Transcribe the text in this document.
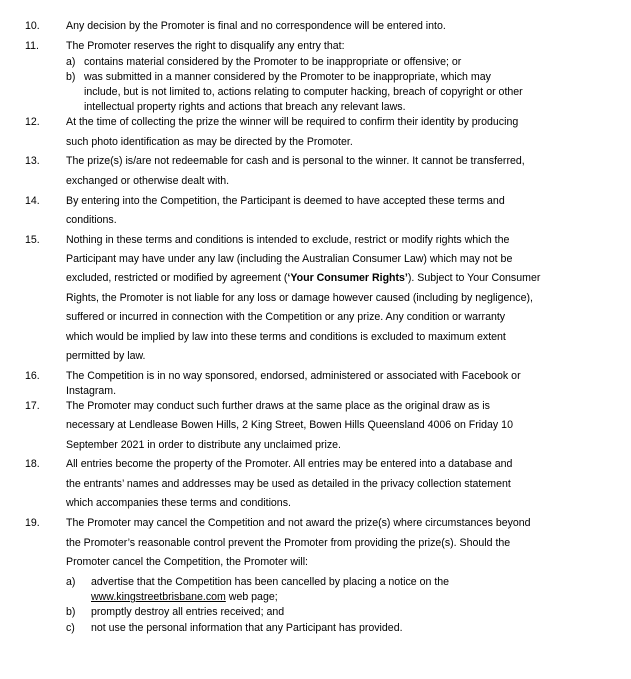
10.	Any decision by the Promoter is final and no correspondence will be entered into.
11.	The Promoter reserves the right to disqualify any entry that:
a) contains material considered by the Promoter to be inappropriate or offensive; or
b) was submitted in a manner considered by the Promoter to be inappropriate, which may
include, but is not limited to, actions relating to computer hacking, breach of copyright or other
intellectual property rights and actions that breach any relevant laws.
12.	At the time of collecting the prize the winner will be required to confirm their identity by producing
such photo identification as may be directed by the Promoter.
13.	The prize(s) is/are not redeemable for cash and is personal to the winner. It cannot be transferred,
exchanged or otherwise dealt with.
14.	By entering into the Competition, the Participant is deemed to have accepted these terms and
conditions.
15.	Nothing in these terms and conditions is intended to exclude, restrict or modify rights which the
Participant may have under any law (including the Australian Consumer Law) which may not be
excluded, restricted or modified by agreement (‘Your Consumer Rights’). Subject to Your Consumer
Rights, the Promoter is not liable for any loss or damage however caused (including by negligence),
suffered or incurred in connection with the Competition or any prize. Any condition or warranty
which would be implied by law into these terms and conditions is excluded to maximum extent
permitted by law.
16.	The Competition is in no way sponsored, endorsed, administered or associated with Facebook or
Instagram.
17.	The Promoter may conduct such further draws at the same place as the original draw as is
necessary at Lendlease Bowen Hills, 2 King Street, Bowen Hills Queensland 4006 on Friday 10
September 2021 in order to distribute any unclaimed prize.
18.	All entries become the property of the Promoter. All entries may be entered into a database and
the entrants’ names and addresses may be used as detailed in the privacy collection statement
which accompanies these terms and conditions.
19.	The Promoter may cancel the Competition and not award the prize(s) where circumstances beyond
the Promoter’s reasonable control prevent the Promoter from providing the prize(s). Should the
Promoter cancel the Competition, the Promoter will:
a) advertise that the Competition has been cancelled by placing a notice on the
www.kingstreetbrisbane.com web page;
b) promptly destroy all entries received; and
c) not use the personal information that any Participant has provided.
